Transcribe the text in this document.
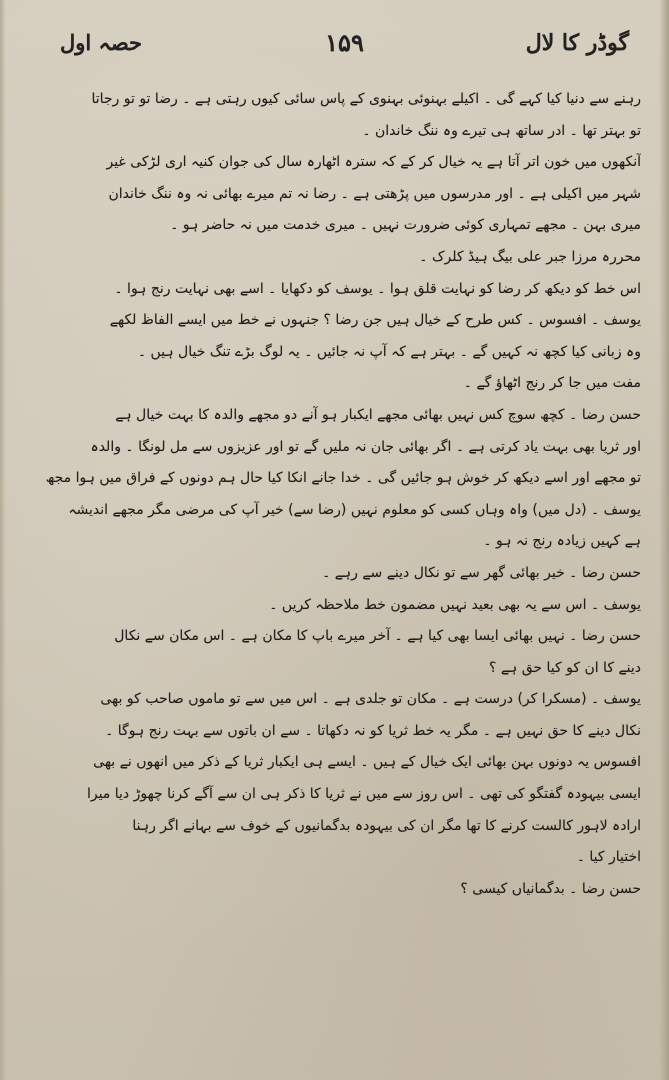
گوڈر کا لال
۱۵۹
حصہ اول
رہنے سے دنیا کیا کہے گی ۔ اکیلے بہنوئی بہنوی کے پاس سائی کیوں رہتی ہے ۔ رضا تو تو رجاتا
تو بہتر تھا ۔ ادر ساتھ ہی تیرے وہ ننگ خاندان ۔
آنکھوں میں خون اتر آتا ہے یہ خیال کر کے کہ سترہ اٹھارہ سال کی جوان کنیہ اری لڑکی غیر
شہر میں اکیلی ہے ۔ اور مدرسوں میں پڑھتی ہے ۔ رضا نہ تم میرے بھائی نہ وہ ننگ خاندان
میری بہن ۔ مجھے تمہاری کوئی ضرورت نہیں ۔ میری خدمت میں نہ حاضر ہو ۔
محررہ مرزا جبر علی بیگ ہیڈ کلرک ۔
اس خط کو دیکھ کر رضا کو نہایت قلق ہوا ۔ یوسف کو دکھایا ۔ اسے بھی نہایت رنج ہوا ۔
یوسف ۔ افسوس ۔ کس طرح کے خیال ہیں جن رضا ؟ جنہوں نے خط میں ایسے الفاظ لکھے
وہ زبانی کیا کچھ نہ کہیں گے ۔ بہتر ہے کہ آپ نہ جائیں ۔ یہ لوگ بڑے تنگ خیال ہیں ۔
مفت میں جا کر رنج اٹھاؤ گے ۔
حسن رضا ۔ کچھ سوچ کس نہیں بھائی مجھے ایکبار ہو آنے دو مجھے والدہ کا بہت خیال ہے
اور ثریا بھی بہت یاد کرتی ہے ۔ اگر بھائی جان نہ ملیں گے تو اور عزیزوں سے مل لونگا ۔ والدہ
تو مجھے اور اسے دیکھ کر خوش ہو جائیں گی ۔ خدا جانے انکا کیا حال ہم دونوں کے فراق میں ہوا مجھ
یوسف ۔ (دل میں) واہ وہاں کسی کو معلوم نہیں (رضا سے) خیر آپ کی مرضی مگر مجھے اندیشہ
ہے کہیں زیادہ رنج نہ ہو ۔
حسن رضا ۔ خیر بھائی گھر سے تو نکال دینے سے رہے ۔
یوسف ۔ اس سے یہ بھی بعید نہیں مضمون خط ملاحظہ کریں ۔
حسن رضا ۔ نہیں بھائی ایسا بھی کیا ہے ۔ آخر میرے باپ کا مکان ہے ۔ اس مکان سے نکال
دینے کا ان کو کیا حق ہے ؟
یوسف ۔ (مسکرا کر) درست ہے ۔ مکان تو جلدی ہے ۔ اس میں سے تو ماموں صاحب کو بھی
نکال دینے کا حق نہیں ہے ۔ مگر یہ خط ثریا کو نہ دکھاتا ۔ سے ان باتوں سے بہت رنج ہوگا ۔
افسوس یہ دونوں بہن بھائی ایک خیال کے ہیں ۔ ایسے ہی ایکبار ثریا کے ذکر میں انھوں نے بھی
ایسی بیہودہ گفتگو کی تھی ۔ اس روز سے میں نے ثریا کا ذکر ہی ان سے آگے کرنا چھوڑ دیا میرا
ارادہ لاہور کالست کرنے کا تھا مگر ان کی بیہودہ بدگمانیوں کے خوف سے بہانے اگر رہنا
اختیار کیا ۔
حسن رضا ۔ بدگمانیاں کیسی ؟
